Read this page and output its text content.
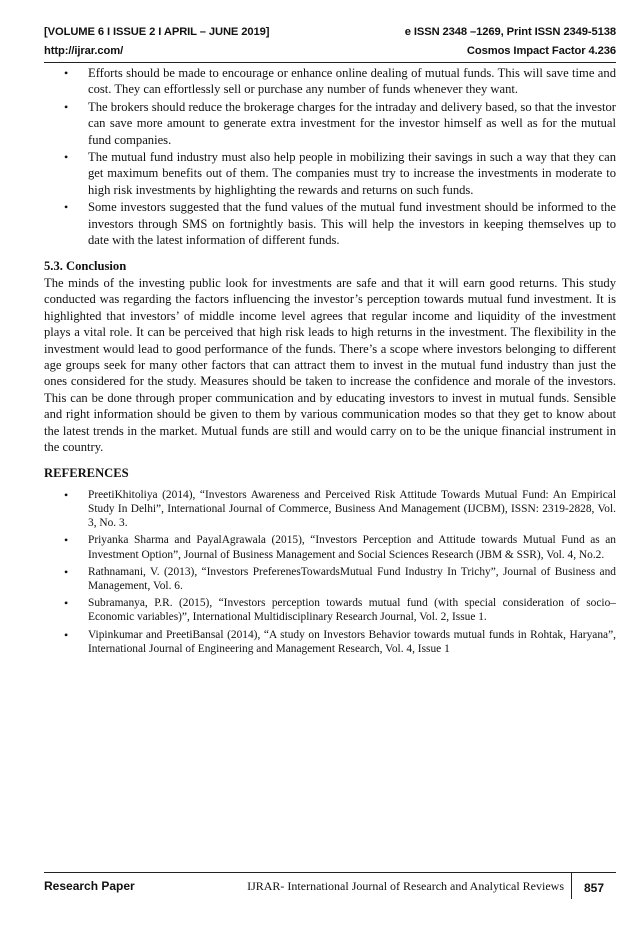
[VOLUME 6 I ISSUE 2 I APRIL – JUNE 2019]	e ISSN 2348 –1269, Print ISSN 2349-5138
http://ijrar.com/	Cosmos Impact Factor 4.236
• Efforts should be made to encourage or enhance online dealing of mutual funds. This will save time and cost. They can effortlessly sell or purchase any number of funds whenever they want.
• The brokers should reduce the brokerage charges for the intraday and delivery based, so that the investor can save more amount to generate extra investment for the investor himself as well as for the mutual fund companies.
• The mutual fund industry must also help people in mobilizing their savings in such a way that they can get maximum benefits out of them. The companies must try to increase the investments in moderate to high risk investments by highlighting the rewards and returns on such funds.
• Some investors suggested that the fund values of the mutual fund investment should be informed to the investors through SMS on fortnightly basis. This will help the investors in keeping themselves up to date with the latest information of different funds.
5.3. Conclusion

The minds of the investing public look for investments are safe and that it will earn good returns. This study conducted was regarding the factors influencing the investor’s perception towards mutual fund investment. It is highlighted that investors’ of middle income level agrees that regular income and liquidity of the investment plays a vital role. It can be perceived that high risk leads to high returns in the investment. The flexibility in the investment would lead to good performance of the funds. There’s a scope where investors belonging to different age groups seek for many other factors that can attract them to invest in the mutual fund industry than just the ones considered for the study. Measures should be taken to increase the confidence and morale of the investors. This can be done through proper communication and by educating investors to invest in mutual funds. Sensible and right information should be given to them by various communication modes so that they get to know about the latest trends in the market. Mutual funds are still and would carry on to be the unique financial instrument in the country.

REFERENCES
• PreetiKhitoliya (2014), “Investors Awareness and Perceived Risk Attitude Towards Mutual Fund: An Empirical Study In Delhi”, International Journal of Commerce, Business And Management (IJCBM), ISSN: 2319-2828, Vol. 3, No. 3.
• Priyanka Sharma and PayalAgrawala (2015), “Investors Perception and Attitude towards Mutual Fund as an Investment Option”, Journal of Business Management and Social Sciences Research (JBM & SSR), Vol. 4, No.2.
• Rathnamani, V. (2013), “Investors PreferenesTowardsMutual Fund Industry In Trichy”, Journal of Business and Management, Vol. 6.
• Subramanya, P.R. (2015), “Investors perception towards mutual fund (with special consideration of socio–Economic variables)”, International Multidisciplinary Research Journal, Vol. 2, Issue 1.
• Vipinkumar and PreetiBansal (2014), “A study on Investors Behavior towards mutual funds in Rohtak, Haryana”, International Journal of Engineering and Management Research, Vol. 4, Issue 1
Research Paper	IJRAR- International Journal of Research and Analytical Reviews	857
